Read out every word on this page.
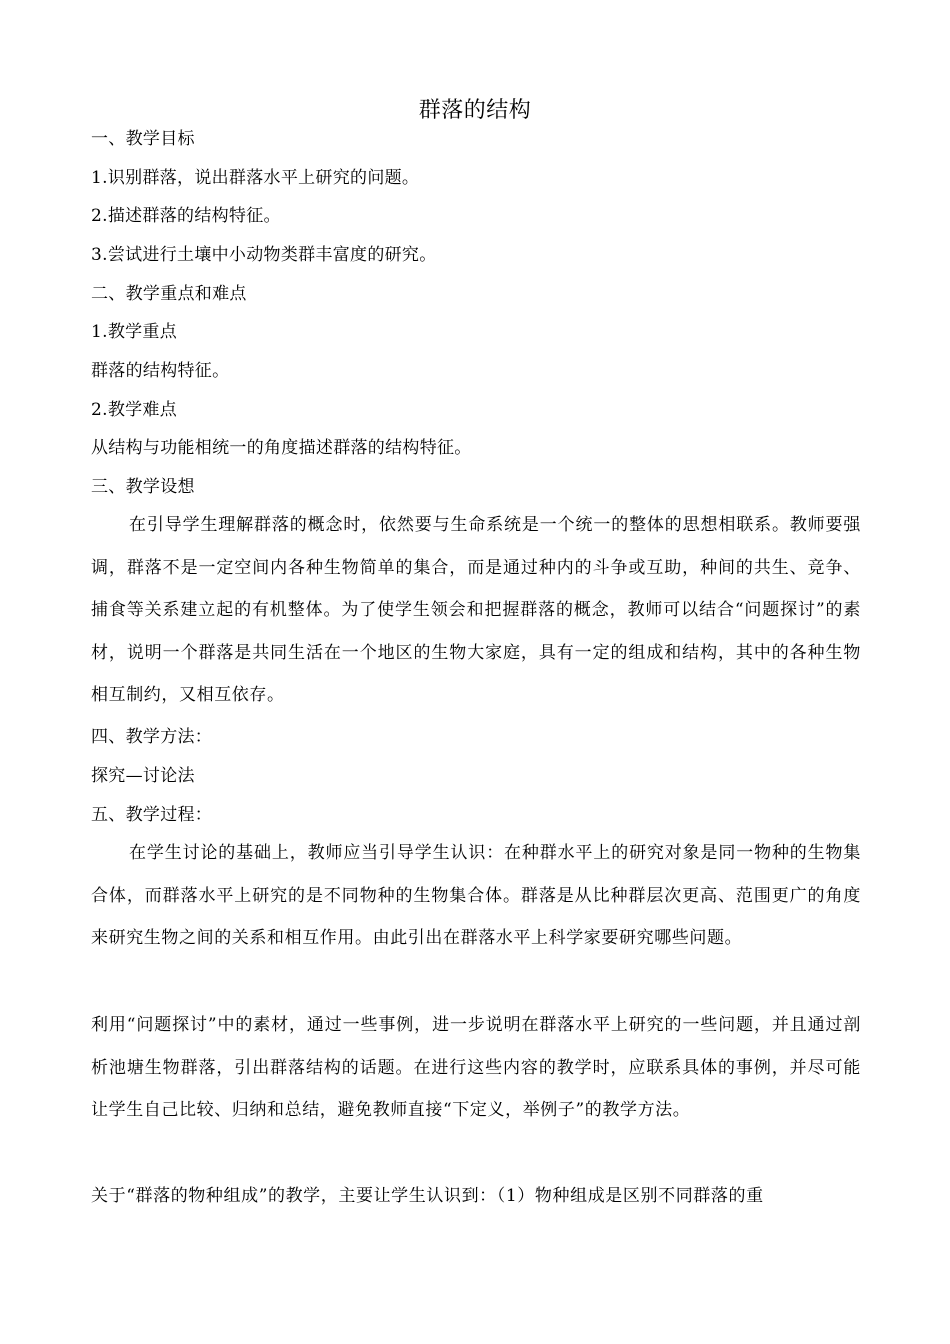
群落的结构
一、教学目标
1.识别群落，说出群落水平上研究的问题。
2.描述群落的结构特征。
3.尝试进行土壤中小动物类群丰富度的研究。
二、教学重点和难点
1.教学重点
群落的结构特征。
2.教学难点
从结构与功能相统一的角度描述群落的结构特征。
三、教学设想
在引导学生理解群落的概念时，依然要与生命系统是一个统一的整体的思想相联系。教师要强调，群落不是一定空间内各种生物简单的集合，而是通过种内的斗争或互助，种间的共生、竞争、捕食等关系建立起的有机整体。为了使学生领会和把握群落的概念，教师可以结合“问题探讨”的素材，说明一个群落是共同生活在一个地区的生物大家庭，具有一定的组成和结构，其中的各种生物相互制约，又相互依存。
四、教学方法：
探究—讨论法
五、教学过程：
在学生讨论的基础上，教师应当引导学生认识：在种群水平上的研究对象是同一物种的生物集合体，而群落水平上研究的是不同物种的生物集合体。群落是从比种群层次更高、范围更广的角度来研究生物之间的关系和相互作用。由此引出在群落水平上科学家要研究哪些问题。
利用“问题探讨”中的素材，通过一些事例，进一步说明在群落水平上研究的一些问题，并且通过剖析池塘生物群落，引出群落结构的话题。在进行这些内容的教学时，应联系具体的事例，并尽可能让学生自己比较、归纳和总结，避免教师直接“下定义，举例子”的教学方法。
关于“群落的物种组成”的教学，主要让学生认识到：（1）物种组成是区别不同群落的重
